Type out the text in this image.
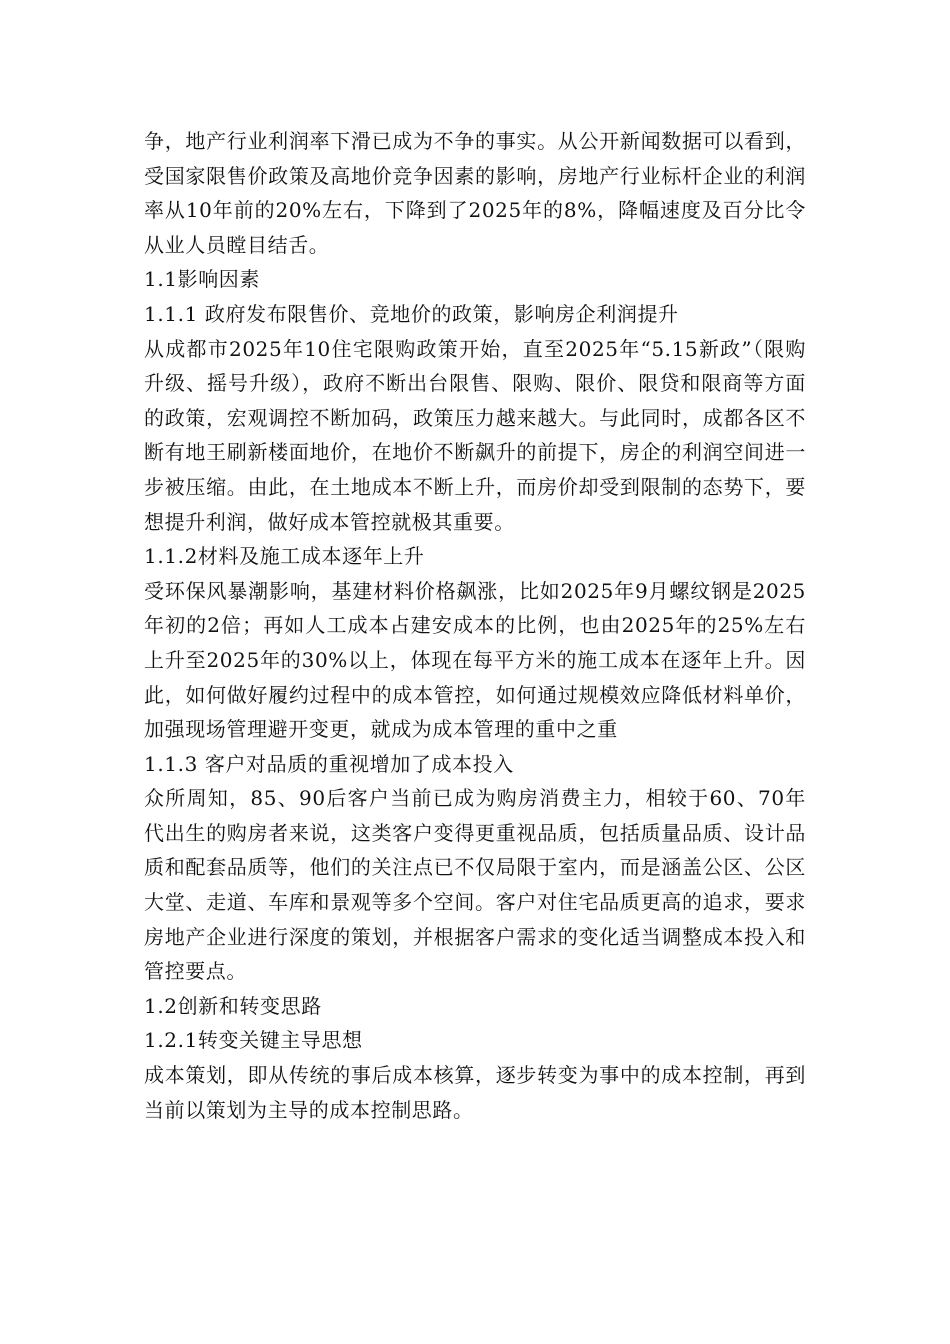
争，地产行业利润率下滑已成为不争的事实。从公开新闻数据可以看到，受国家限售价政策及高地价竞争因素的影响，房地产行业标杆企业的利润率从10年前的20%左右，下降到了2025年的8%，降幅速度及百分比令从业人员瞠目结舌。

1.1影响因素

1.1.1 政府发布限售价、竞地价的政策，影响房企利润提升

从成都市2025年10住宅限购政策开始，直至2025年“5.15新政”（限购升级、摇号升级），政府不断出台限售、限购、限价、限贷和限商等方面的政策，宏观调控不断加码，政策压力越来越大。与此同时，成都各区不断有地王刷新楼面地价，在地价不断飙升的前提下，房企的利润空间进一步被压缩。由此，在土地成本不断上升，而房价却受到限制的态势下，要想提升利润，做好成本管控就极其重要。

1.1.2材料及施工成本逐年上升

受环保风暴潮影响，基建材料价格飙涨，比如2025年9月螺纹钢是2025年初的2倍；再如人工成本占建安成本的比例，也由2025年的25%左右上升至2025年的30%以上，体现在每平方米的施工成本在逐年上升。因此，如何做好履约过程中的成本管控，如何通过规模效应降低材料单价，加强现场管理避开变更，就成为成本管理的重中之重

1.1.3 客户对品质的重视增加了成本投入

众所周知，85、90后客户当前已成为购房消费主力，相较于60、70年代出生的购房者来说，这类客户变得更重视品质，包括质量品质、设计品质和配套品质等，他们的关注点已不仅局限于室内，而是涵盖公区、公区大堂、走道、车库和景观等多个空间。客户对住宅品质更高的追求，要求房地产企业进行深度的策划，并根据客户需求的变化适当调整成本投入和管控要点。

1.2创新和转变思路

1.2.1转变关键主导思想

成本策划，即从传统的事后成本核算，逐步转变为事中的成本控制，再到当前以策划为主导的成本控制思路。
